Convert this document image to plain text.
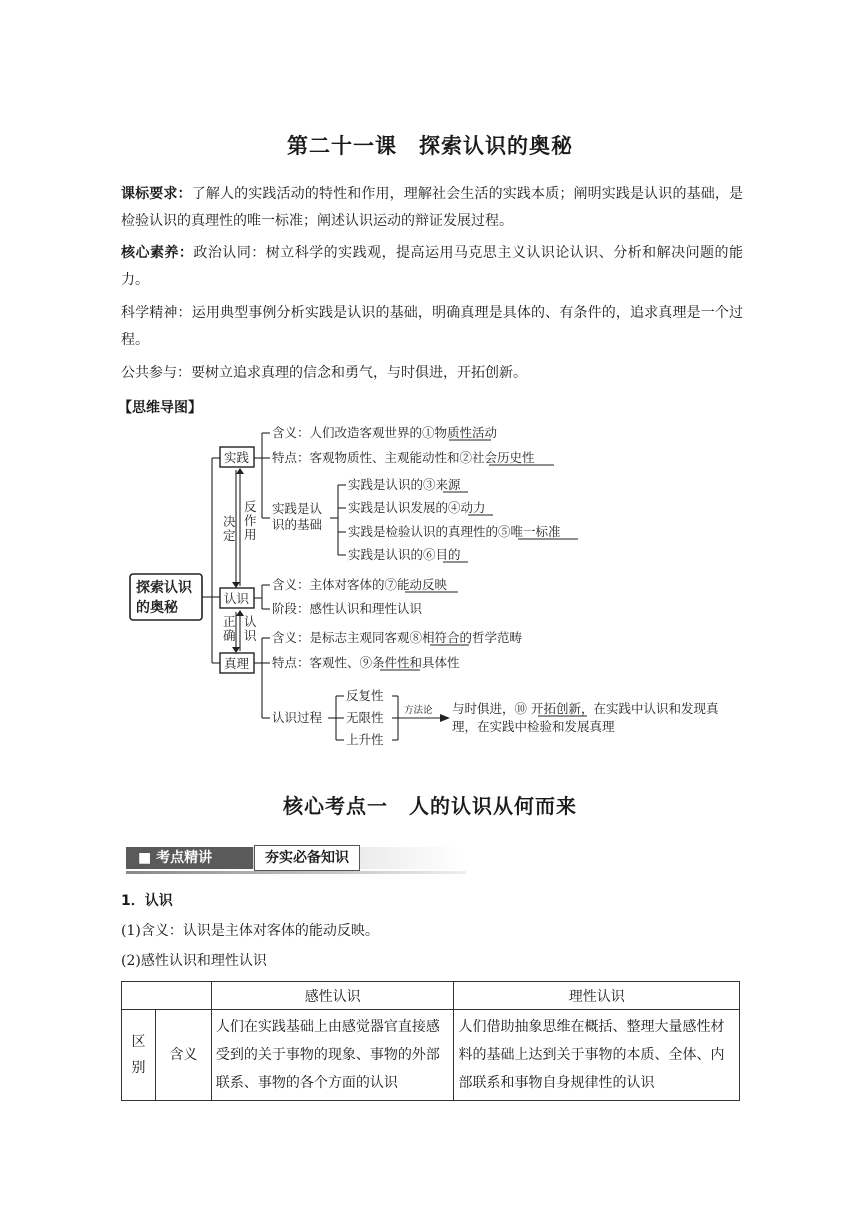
第二十一课　探索认识的奥秘
课标要求：了解人的实践活动的特性和作用，理解社会生活的实践本质；阐明实践是认识的基础，是检验认识的真理性的唯一标准；阐述认识运动的辩证发展过程。
核心素养：政治认同：树立科学的实践观，提高运用马克思主义认识论认识、分析和解决问题的能力。
科学精神：运用典型事例分析实践是认识的基础，明确真理是具体的、有条件的，追求真理是一个过程。
公共参与：要树立追求真理的信念和勇气，与时俱进，开拓创新。
【思维导图】
探索认识
的奥秘
实践
认识
真理
决
定
反
作
用
正
确
认
识
含义：人们改造客观世界的①物质性活动
特点：客观物质性、主观能动性和②社会历史性
实践是认
识的基础
实践是认识的③来源
实践是认识发展的④动力
实践是检验认识的真理性的⑤唯一标准
实践是认识的⑥目的
含义：主体对客体的⑦能动反映
阶段：感性认识和理性认识
含义：是标志主观同客观⑧相符合的哲学范畴
特点：客观性、⑨条件性和具体性
认识过程
反复性
无限性
上升性
方法论 与时俱进，⑩ 开拓创新，在实践中认识和发现真
理，在实践中检验和发展真理
核心考点一　人的认识从何而来
■ 考点精讲	夯实必备知识
1．认识
(1)含义：认识是主体对客体的能动反映。
(2)感性认识和理性认识
		感性认识	理性认识
区别	含义	人们在实践基础上由感觉器官直接感受到的关于事物的现象、事物的外部联系、事物的各个方面的认识	人们借助抽象思维在概括、整理大量感性材料的基础上达到关于事物的本质、全体、内部联系和事物自身规律性的认识
